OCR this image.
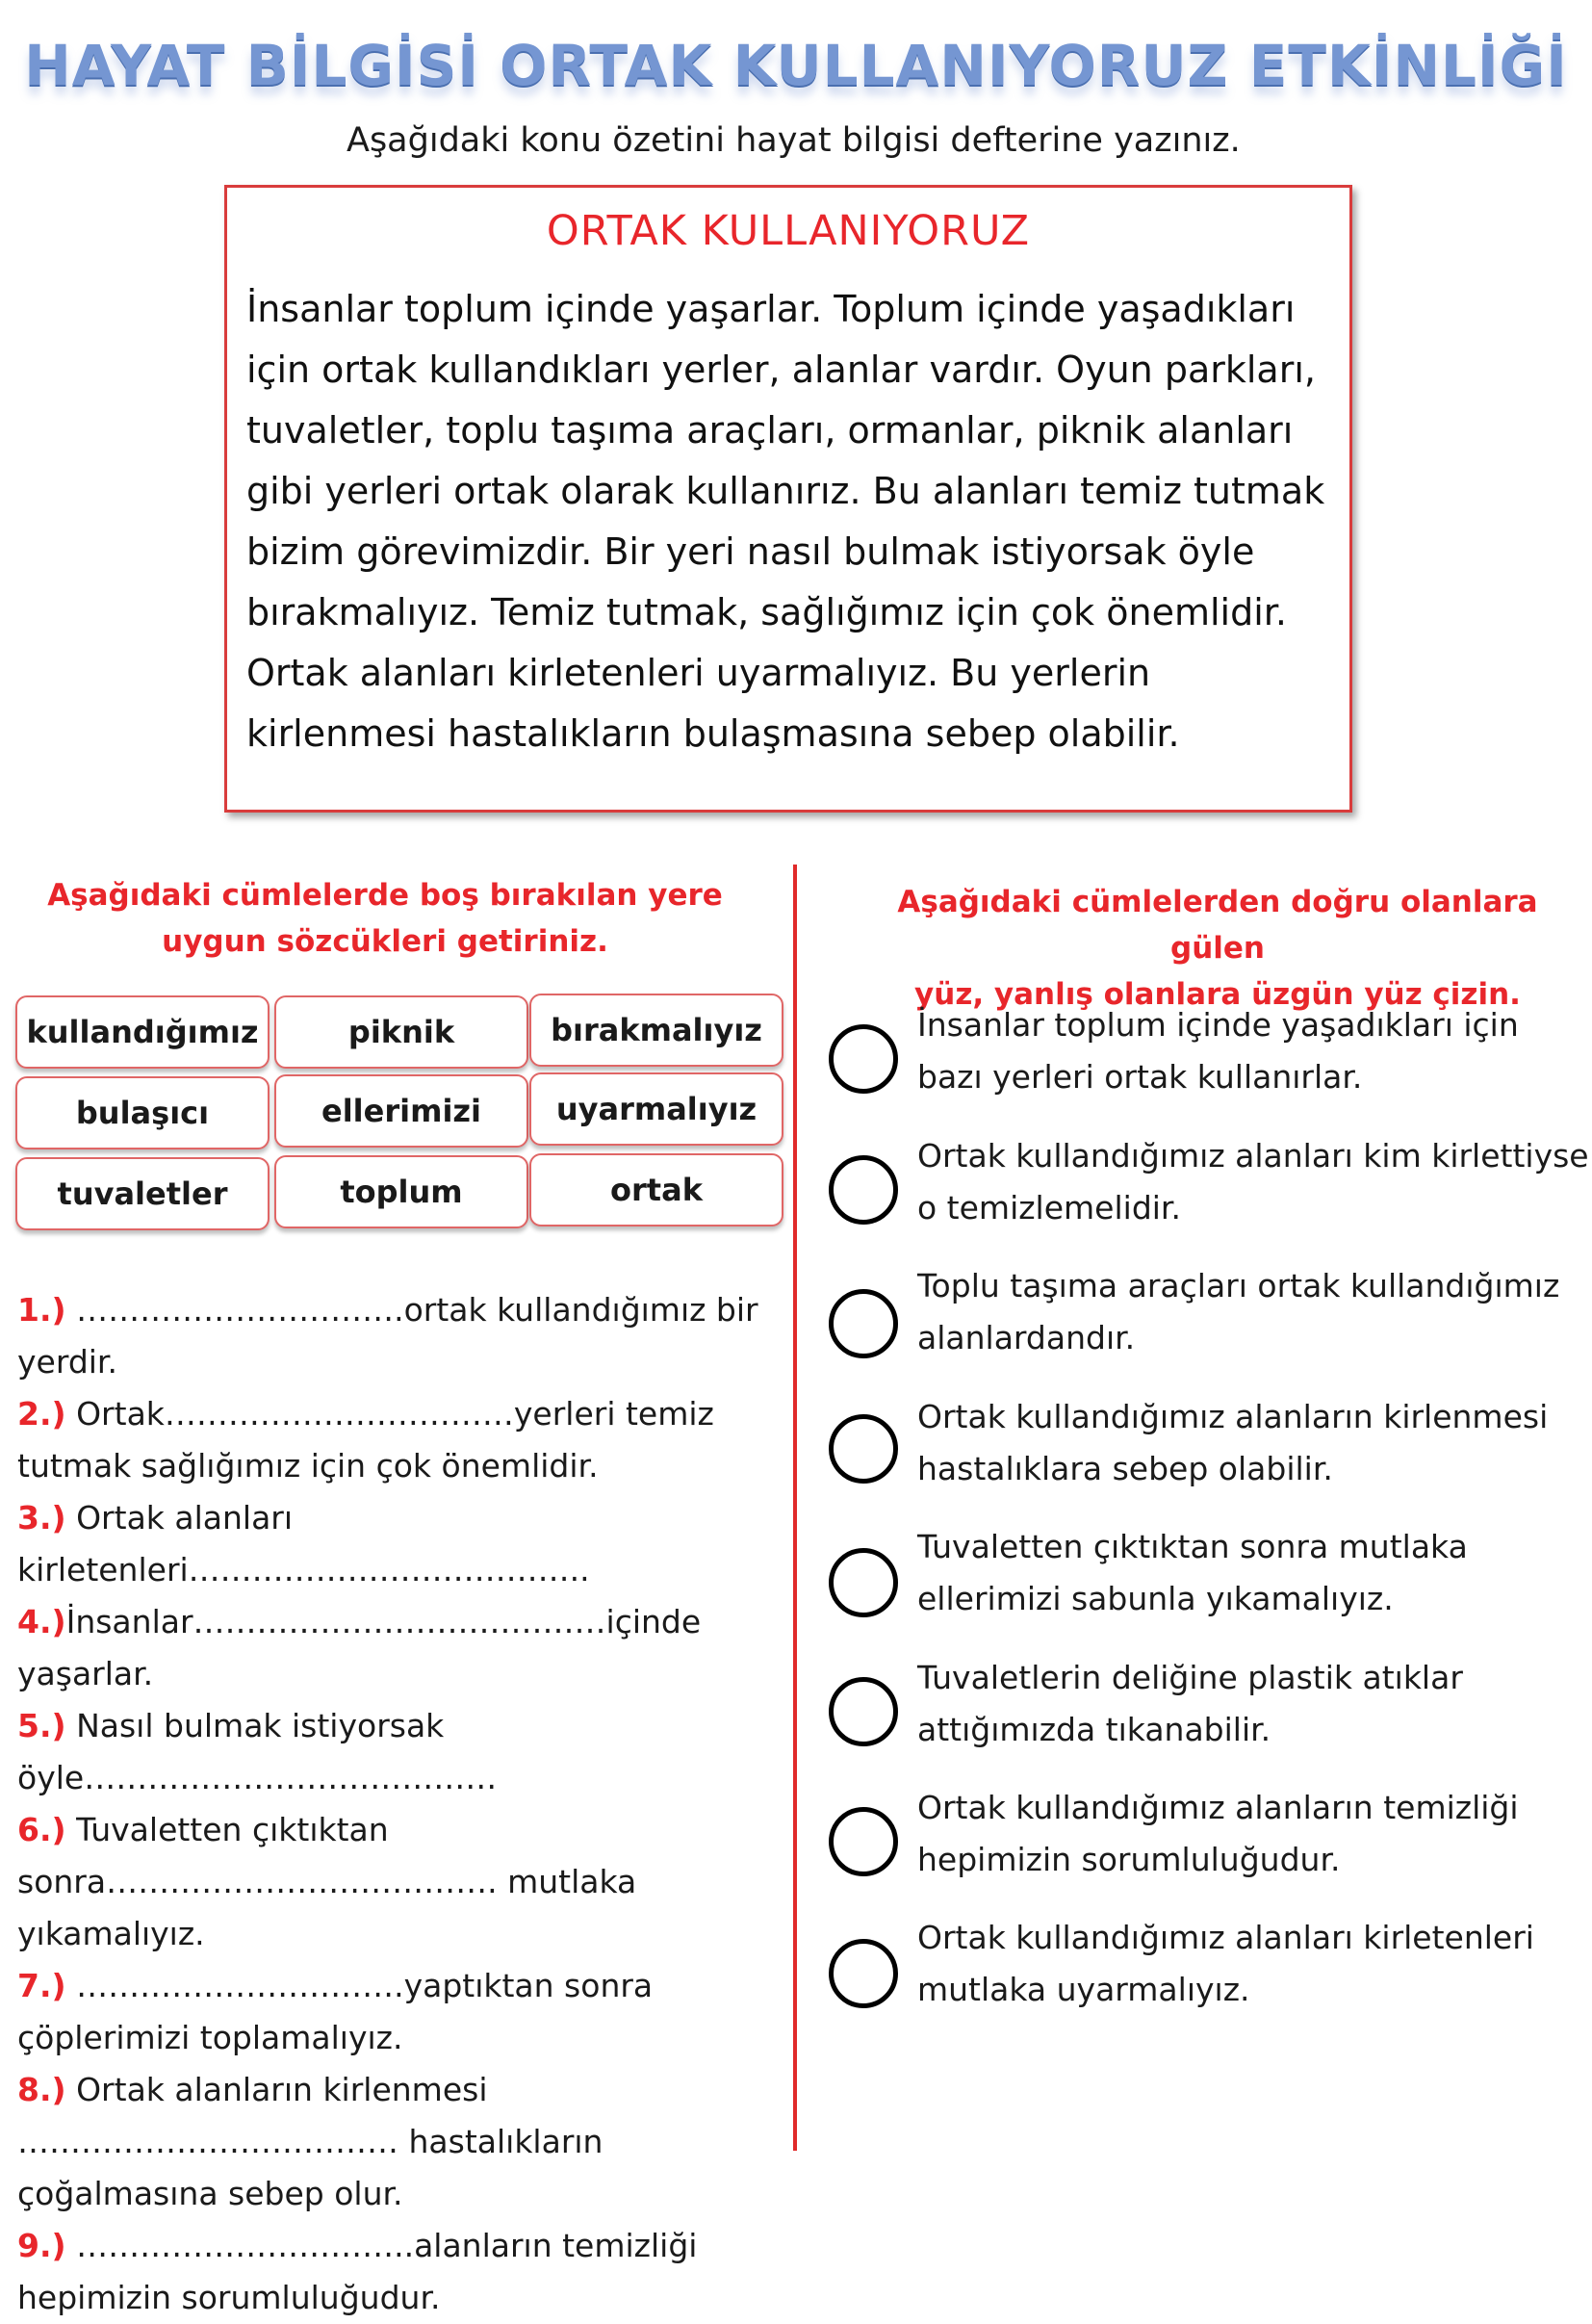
HAYAT BİLGİSİ ORTAK KULLANIYORUZ ETKİNLİĞİ
Aşağıdaki konu özetini hayat bilgisi defterine yazınız.
ORTAK KULLANIYORUZ
İnsanlar toplum içinde yaşarlar. Toplum içinde yaşadıkları için ortak kullandıkları yerler, alanlar vardır. Oyun parkları, tuvaletler, toplu taşıma araçları, ormanlar, piknik alanları gibi yerleri ortak olarak kullanırız. Bu alanları temiz tutmak bizim görevimizdir. Bir yeri nasıl bulmak istiyorsak öyle bırakmalıyız. Temiz tutmak, sağlığımız için çok önemlidir. Ortak alanları kirletenleri uyarmalıyız. Bu yerlerin kirlenmesi hastalıkların bulaşmasına sebep olabilir.
Aşağıdaki cümlelerde boş bırakılan yere
uygun sözcükleri getiriniz.
kullandığımız	piknik	bırakmalıyız
bulaşıcı	ellerimizi	uyarmalıyız
tuvaletler	toplum	ortak
1.) ………………………….ortak kullandığımız bir yerdir.
2.) Ortak……………………………yerleri temiz tutmak sağlığımız için çok önemlidir.
3.) Ortak alanları kirletenleri………………………………..
4.)İnsanlar…………………………………içinde yaşarlar.
5.) Nasıl bulmak istiyorsak öyle…………………………………
6.) Tuvaletten çıktıktan sonra………………………………. mutlaka yıkamalıyız.
7.) ………………………….yaptıktan sonra çöplerimizi toplamalıyız.
8.) Ortak alanların kirlenmesi ……………………………… hastalıkların çoğalmasına sebep olur.
9.) …………………………..alanların temizliği hepimizin sorumluluğudur.
Aşağıdaki cümlelerden doğru olanlara gülen
yüz, yanlış olanlara üzgün yüz çizin.
İnsanlar toplum içinde yaşadıkları için bazı yerleri ortak kullanırlar.
Ortak kullandığımız alanları kim kirlettiyse o temizlemelidir.
Toplu taşıma araçları ortak kullandığımız alanlardandır.
Ortak kullandığımız alanların kirlenmesi hastalıklara sebep olabilir.
Tuvaletten çıktıktan sonra mutlaka ellerimizi sabunla yıkamalıyız.
Tuvaletlerin deliğine plastik atıklar attığımızda tıkanabilir.
Ortak kullandığımız alanların temizliği hepimizin sorumluluğudur.
Ortak kullandığımız alanları kirletenleri mutlaka uyarmalıyız.
